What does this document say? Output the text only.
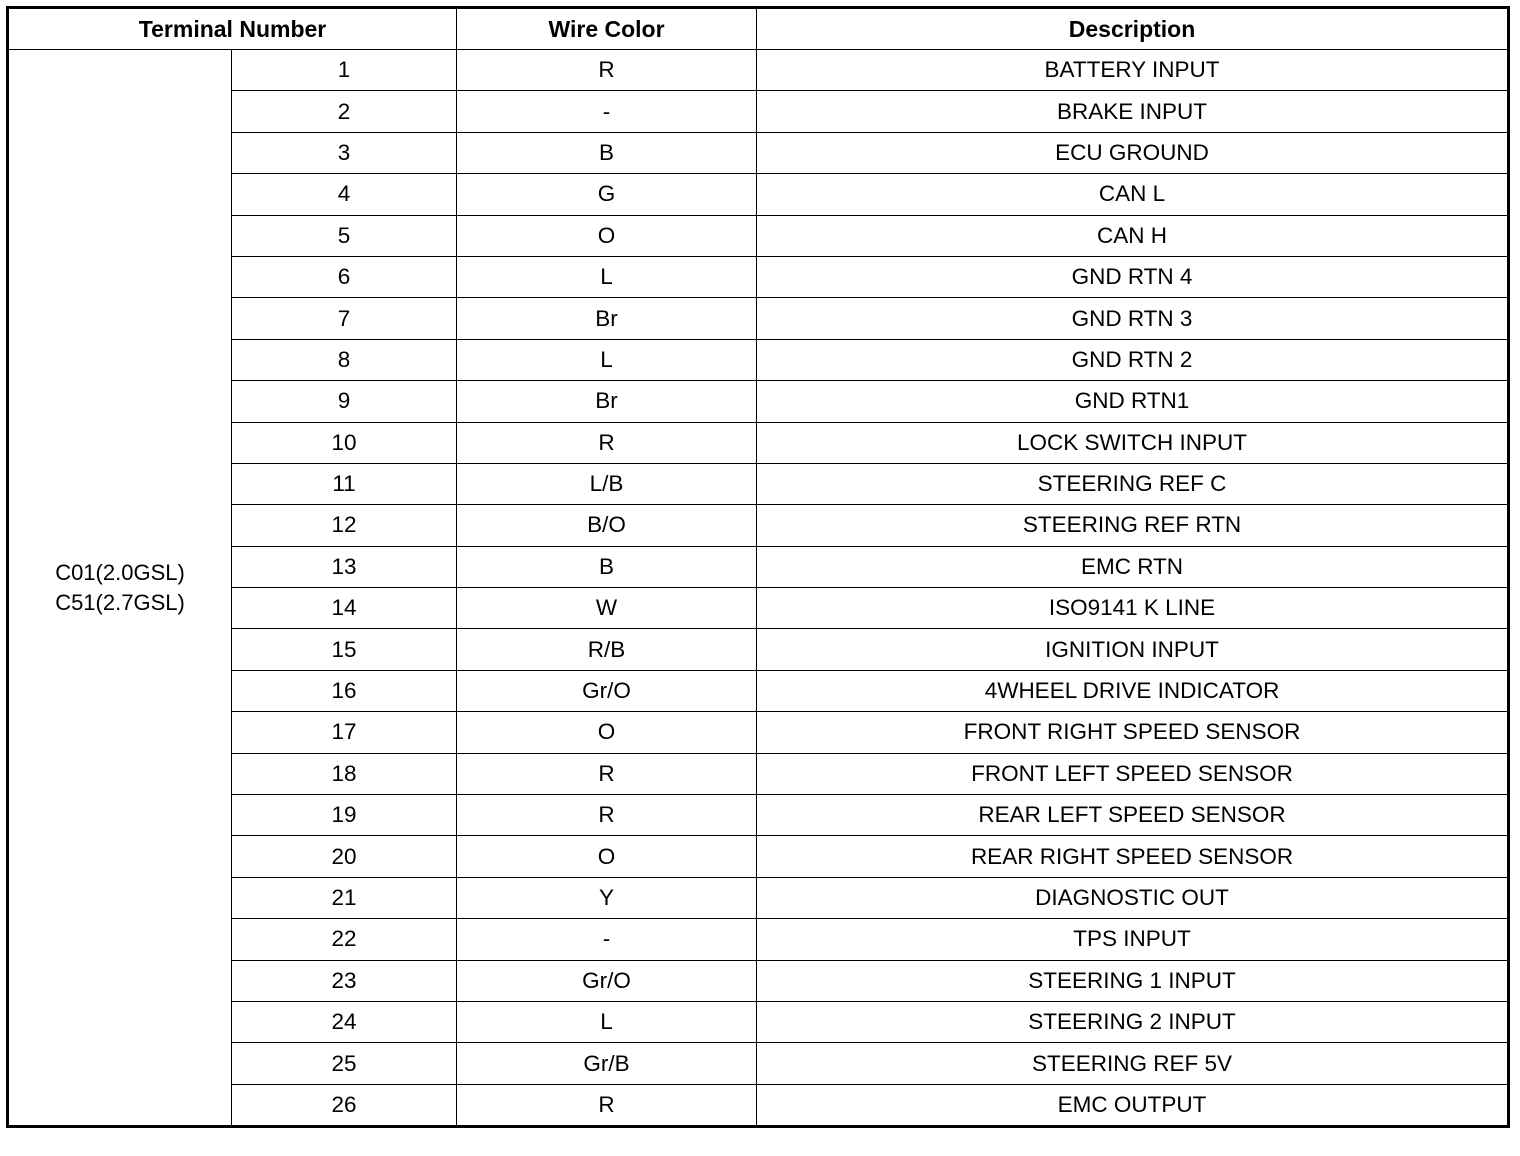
Terminal Number		Wire Color	Description

C01(2.0GSL)
C51(2.7GSL)	1	R	BATTERY INPUT
	2	-	BRAKE INPUT
	3	B	ECU GROUND
	4	G	CAN L
	5	O	CAN H
	6	L	GND RTN 4
	7	Br	GND RTN 3
	8	L	GND RTN 2
	9	Br	GND RTN1
	10	R	LOCK SWITCH INPUT
	11	L/B	STEERING REF C
	12	B/O	STEERING REF RTN
	13	B	EMC RTN
	14	W	ISO9141 K LINE
	15	R/B	IGNITION INPUT
	16	Gr/O	4WHEEL DRIVE INDICATOR
	17	O	FRONT RIGHT SPEED SENSOR
	18	R	FRONT LEFT SPEED SENSOR
	19	R	REAR LEFT SPEED SENSOR
	20	O	REAR RIGHT SPEED SENSOR
	21	Y	DIAGNOSTIC OUT
	22	-	TPS INPUT
	23	Gr/O	STEERING 1 INPUT
	24	L	STEERING 2 INPUT
	25	Gr/B	STEERING REF 5V
	26	R	EMC OUTPUT
